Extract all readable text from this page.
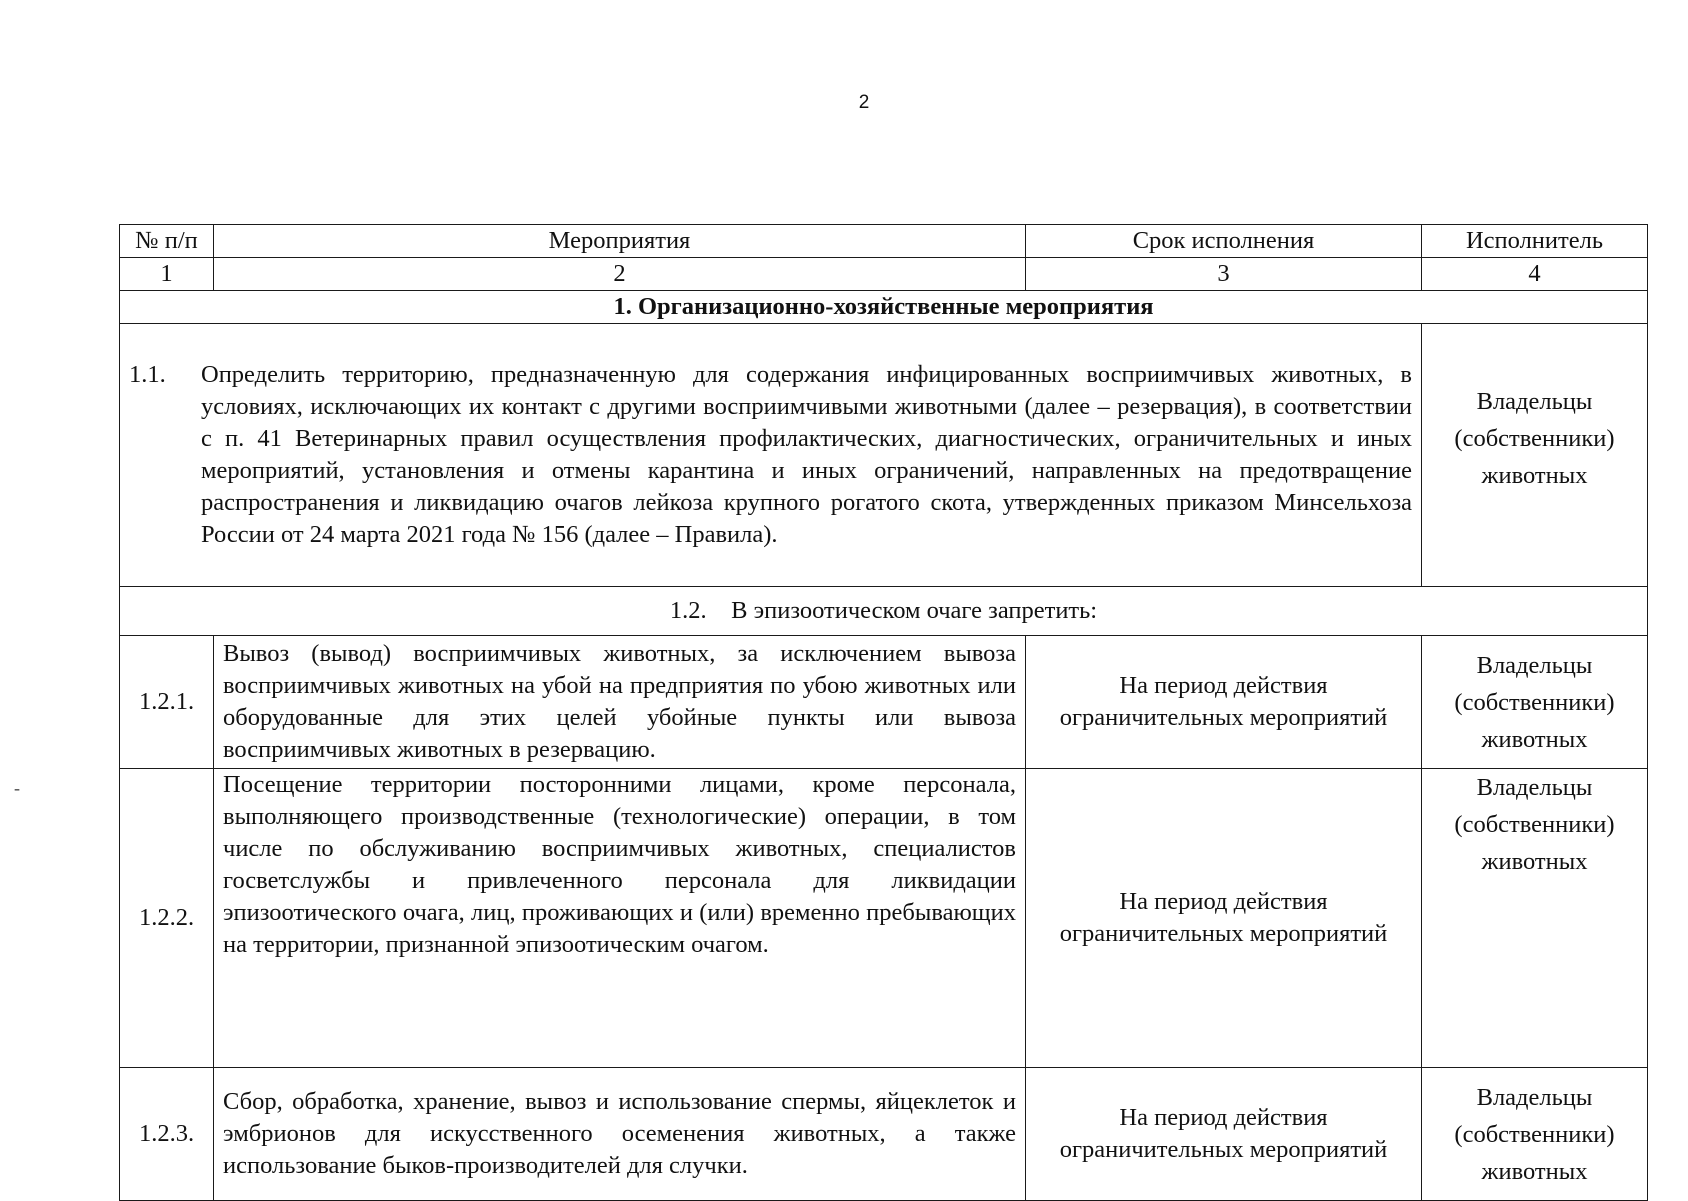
2
-
№ п/п	Мероприятия	Срок исполнения	Исполнитель
1	2	3	4
1. Организационно-хозяйственные мероприятия			

1.1. Определить территорию, предназначенную для содержания инфицированных восприимчивых животных, в условиях, исключающих их контакт с другими восприимчивыми животными (далее – резервация), в соответствии с п. 41 Ветеринарных правил осуществления профилактических, диагностических, ограничительных и иных мероприятий, установления и отмены карантина и иных ограничений, направленных на предотвращение распространения и ликвидацию очагов лейкоза крупного рогатого скота, утвержденных приказом Минсельхоза России от 24 марта 2021 года № 156 (далее – Правила).			Владельцы (собственники) животных
1.2.    В эпизоотическом очаге запретить:			
1.2.1.	Вывоз (вывод) восприимчивых животных, за исключением вывоза восприимчивых животных на убой на предприятия по убою животных или оборудованные для этих целей убойные пункты или вывоза восприимчивых животных в резервацию.	На период действия ограничительных мероприятий	Владельцы (собственники) животных
1.2.2.	Посещение территории посторонними лицами, кроме персонала, выполняющего производственные (технологические) операции, в том числе по обслуживанию восприимчивых животных, специалистов госветслужбы и привлеченного персонала для ликвидации эпизоотического очага, лиц, проживающих и (или) временно пребывающих на территории, признанной эпизоотическим очагом.	На период действия ограничительных мероприятий	Владельцы (собственники) животных
1.2.3.	Сбор, обработка, хранение, вывоз и использование спермы, яйцеклеток и эмбрионов для искусственного осеменения животных, а также использование быков-производителей для случки.	На период действия ограничительных мероприятий	Владельцы (собственники) животных
